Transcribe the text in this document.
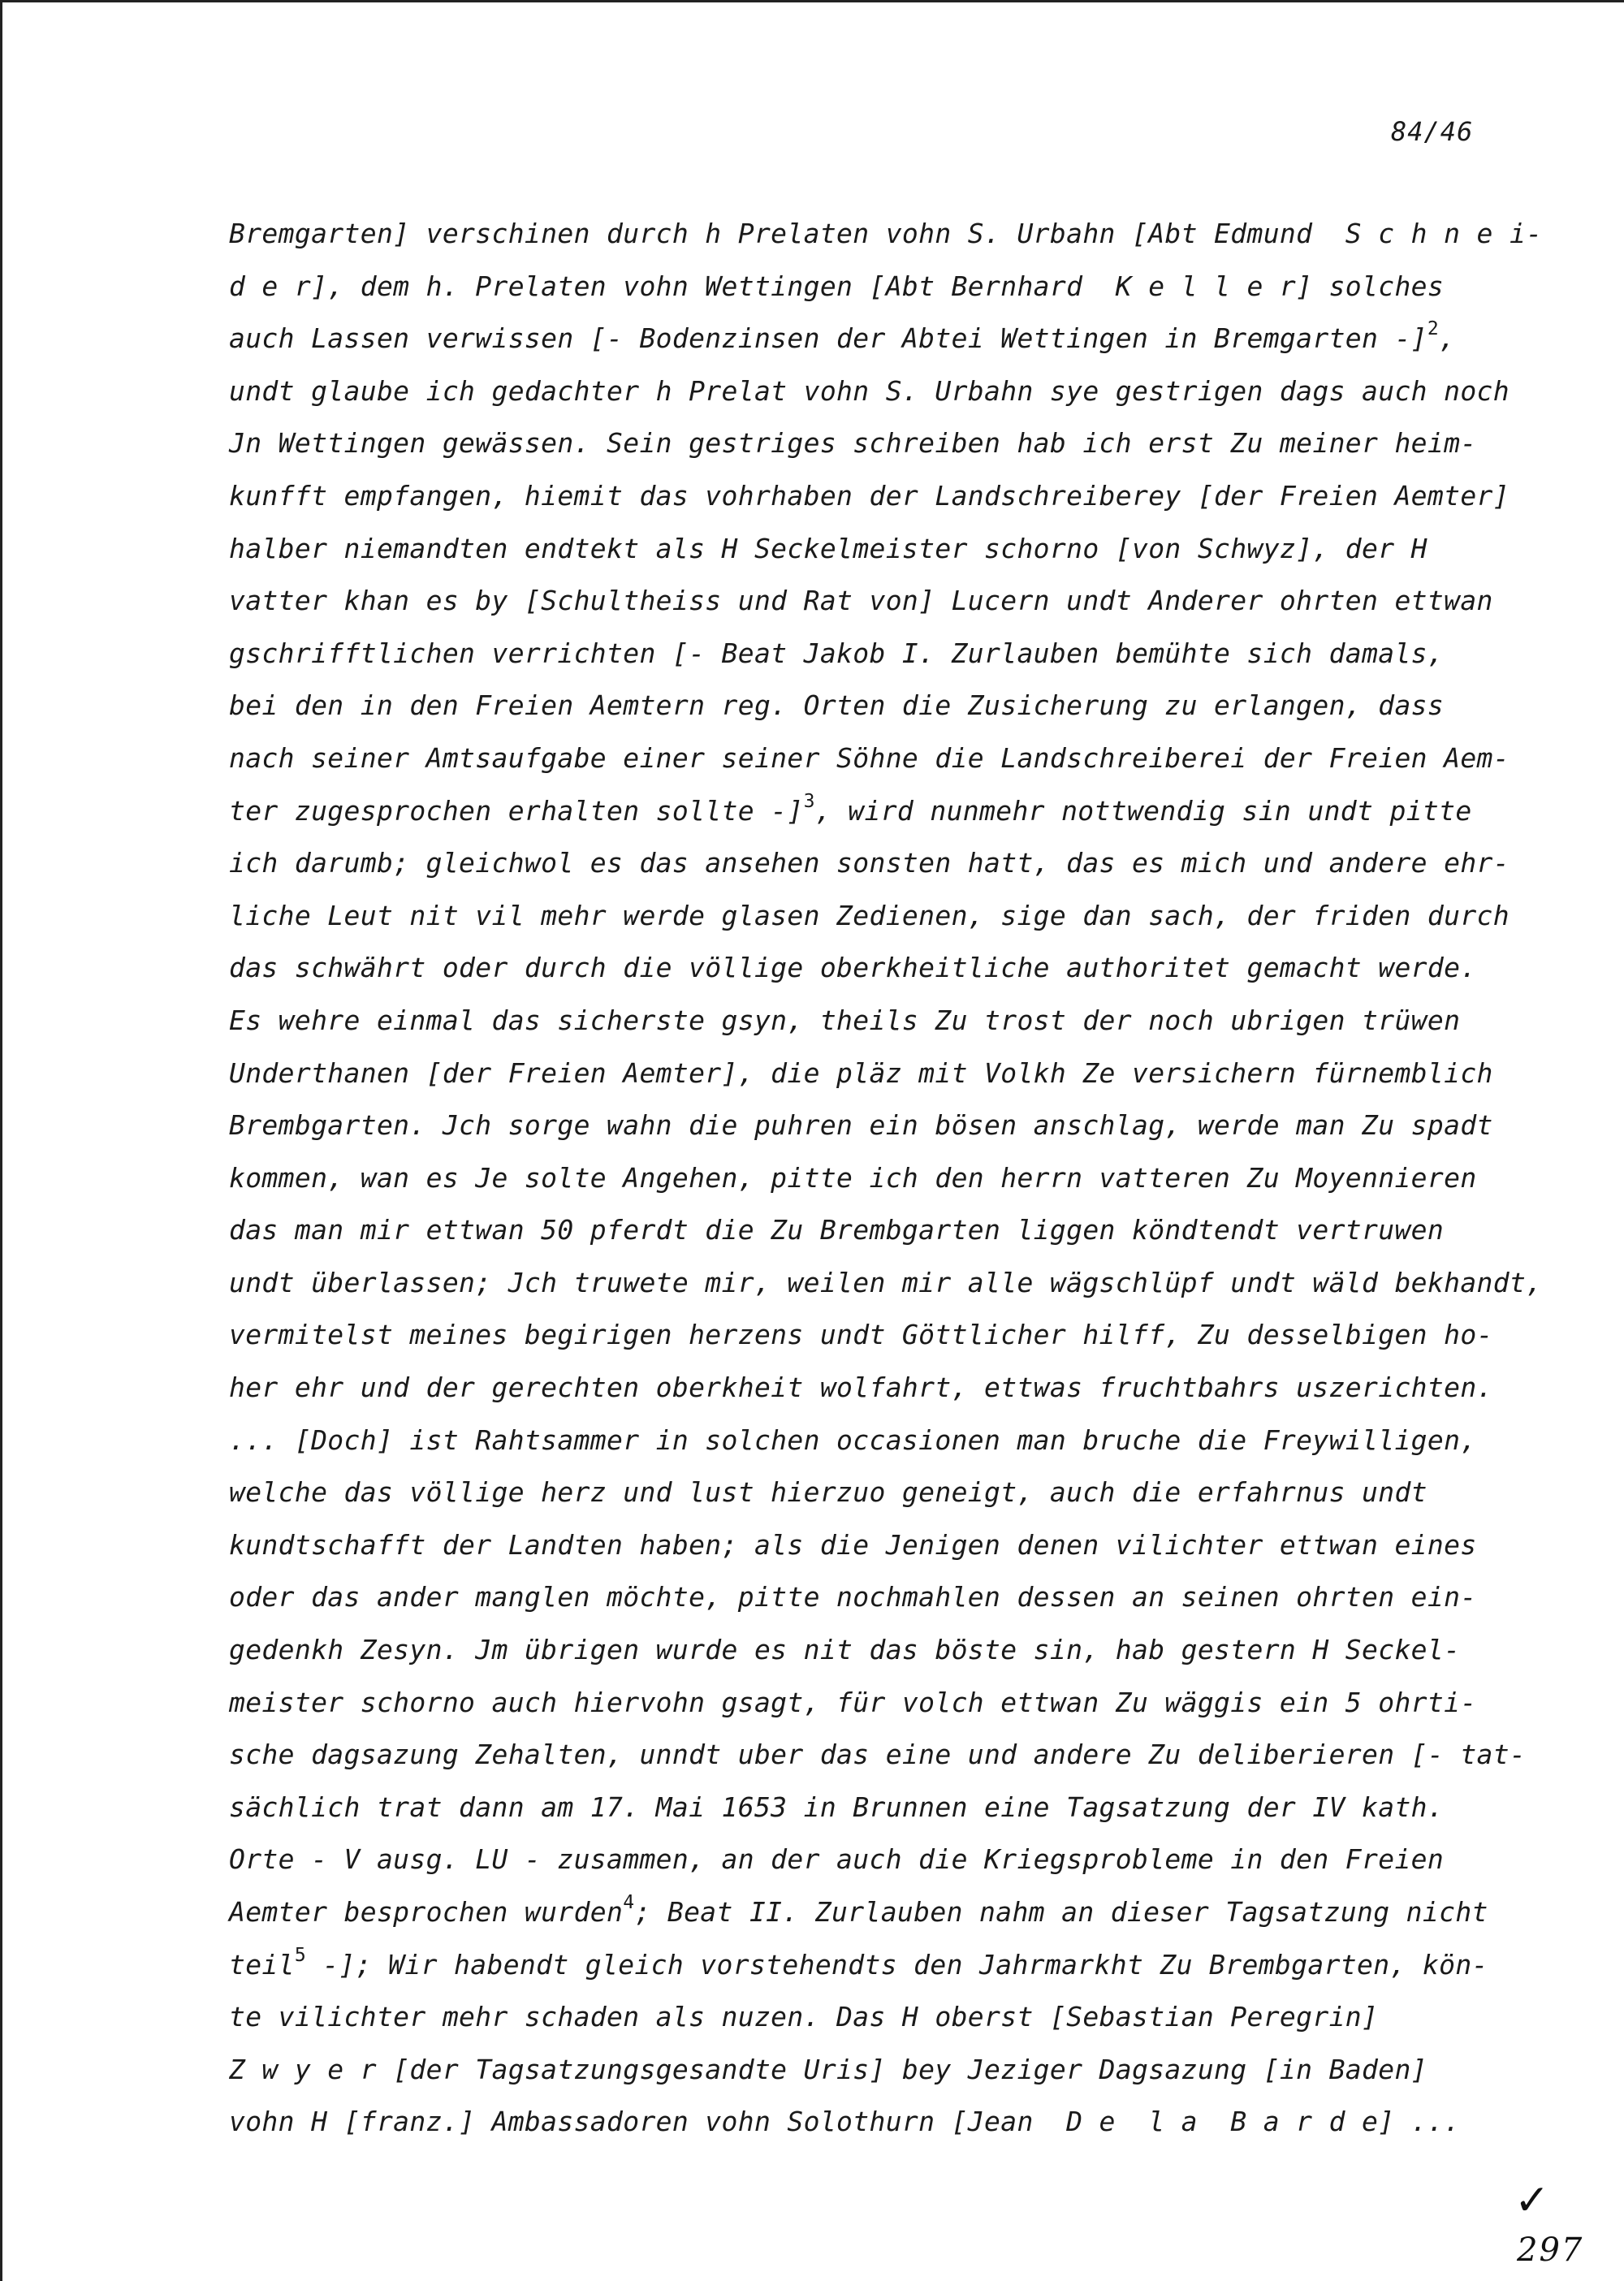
84/46
Bremgarten] verschinen durch h Prelaten vohn S. Urbahn [Abt Edmund  S c h n e i-
d e r], dem h. Prelaten vohn Wettingen [Abt Bernhard  K e l l e r] solches
auch Lassen verwissen [- Bodenzinsen der Abtei Wettingen in Bremgarten -]$^2$,
undt glaube ich gedachter h Prelat vohn S. Urbahn sye gestrigen dags auch noch
Jn Wettingen gewässen. Sein gestriges schreiben hab ich erst Zu meiner heim-
kunfft empfangen, hiemit das vohrhaben der Landschreiberey [der Freien Aemter]
halber niemandten endtekt als H Seckelmeister schorno [von Schwyz], der H
vatter khan es by [Schultheiss und Rat von] Lucern undt Anderer ohrten ettwan
gschrifftlichen verrichten [- Beat Jakob I. Zurlauben bemühte sich damals,
bei den in den Freien Aemtern reg. Orten die Zusicherung zu erlangen, dass
nach seiner Amtsaufgabe einer seiner Söhne die Landschreiberei der Freien Aem-
ter zugesprochen erhalten sollte -]$^3$, wird nunmehr nottwendig sin undt pitte
ich darumb; gleichwol es das ansehen sonsten hatt, das es mich und andere ehr-
liche Leut nit vil mehr werde glasen Zedienen, sige dan sach, der friden durch
das schwährt oder durch die völlige oberkheitliche authoritet gemacht werde.
Es wehre einmal das sicherste gsyn, theils Zu trost der noch ubrigen trüwen
Underthanen [der Freien Aemter], die pläz mit Volkh Ze versichern fürnemblich
Brembgarten. Jch sorge wahn die puhren ein bösen anschlag, werde man Zu spadt
kommen, wan es Je solte Angehen, pitte ich den herrn vatteren Zu Moyennieren
das man mir ettwan 50 pferdt die Zu Brembgarten liggen köndtendt vertruwen
undt überlassen; Jch truwete mir, weilen mir alle wägschlüpf undt wäld bekhandt,
vermitelst meines begirigen herzens undt Göttlicher hilff, Zu desselbigen ho-
her ehr und der gerechten oberkheit wolfahrt, ettwas fruchtbahrs uszerichten.
... [Doch] ist Rahtsammer in solchen occasionen man bruche die Freywilligen,
welche das völlige herz und lust hierzuo geneigt, auch die erfahrnus undt
kundtschafft der Landten haben; als die Jenigen denen vilichter ettwan eines
oder das ander manglen möchte, pitte nochmahlen dessen an seinen ohrten ein-
gedenkh Zesyn. Jm übrigen wurde es nit das böste sin, hab gestern H Seckel-
meister schorno auch hiervohn gsagt, für volch ettwan Zu wäggis ein 5 ohrti-
sche dagsazung Zehalten, unndt uber das eine und andere Zu deliberieren [- tat-
sächlich trat dann am 17. Mai 1653 in Brunnen eine Tagsatzung der IV kath.
Orte - V ausg. LU - zusammen, an der auch die Kriegsprobleme in den Freien
Aemter besprochen wurden$^4$; Beat II. Zurlauben nahm an dieser Tagsatzung nicht
teil$^5$ -]; Wir habendt gleich vorstehendts den Jahrmarkht Zu Brembgarten, kön-
te vilichter mehr schaden als nuzen. Das H oberst [Sebastian Peregrin]
Z w y e r [der Tagsatzungsgesandte Uris] bey Jeziger Dagsazung [in Baden]
vohn H [franz.] Ambassadoren vohn Solothurn [Jean  D e  l a  B a r d e] ...
✓
297
